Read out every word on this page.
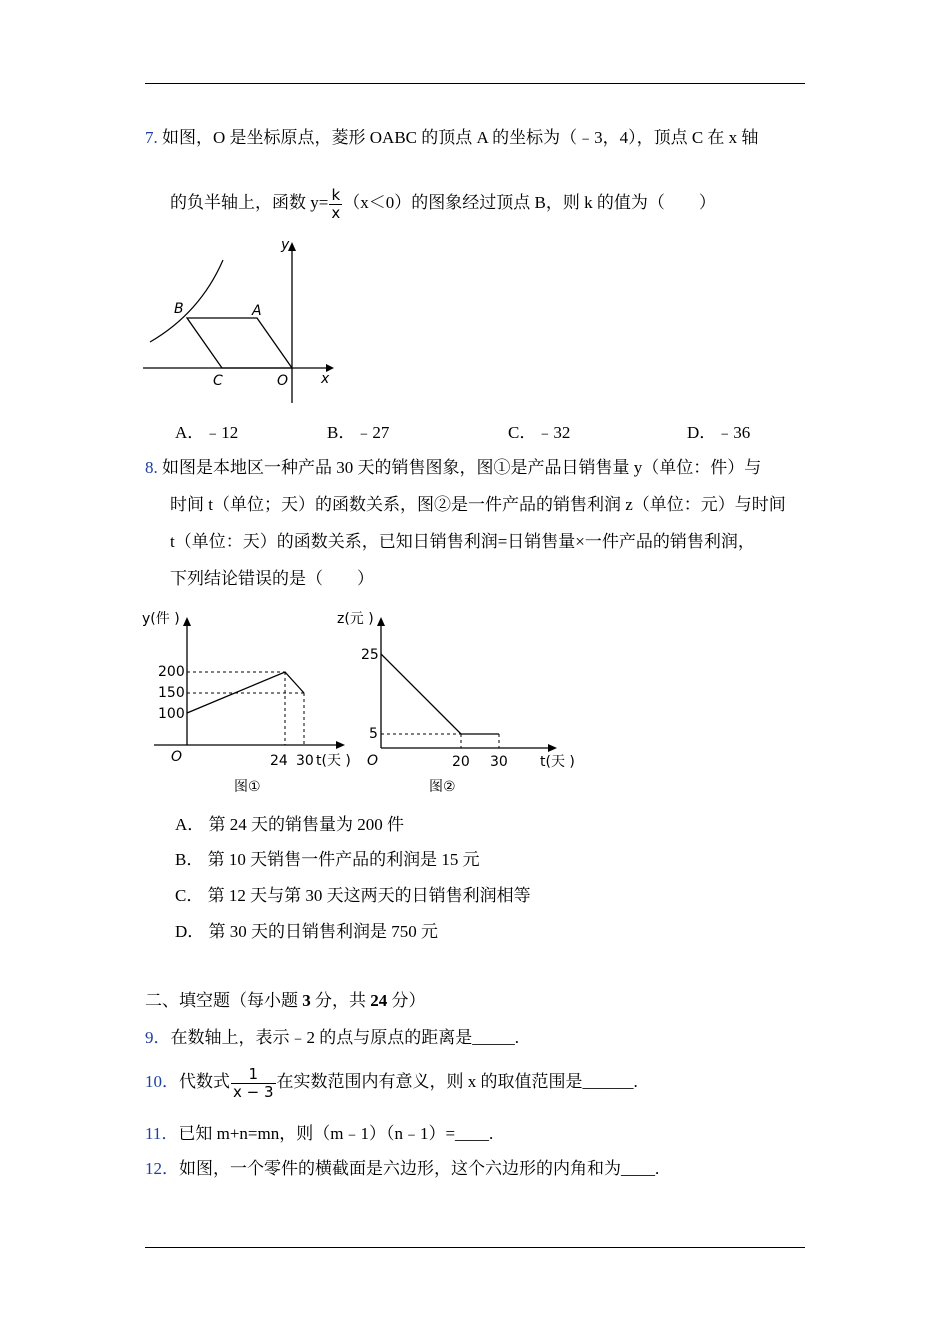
7. 如图，O 是坐标原点，菱形 OABC 的顶点 A 的坐标为（﹣3，4），顶点 C 在 x 轴
的负半轴上，函数 $y= \frac{k}{x} (x<0)$的图象经过顶点 B，则 k 的值为（　　）
y
x
B	A
C	O
A．﹣12	B．﹣27	C．﹣32	D．﹣36
8. 如图是本地区一种产品 30 天的销售图象，图①是产品日销售量 y（单位：件）与
时间 t（单位；天）的函数关系，图②是一件产品的销售利润 z（单位：元）与时间
t（单位：天）的函数关系，已知日销售利润=日销售量×一件产品的销售利润，
下列结论错误的是（　　）
y(件 )
200
150
100
O	24 30 t(天 )
图①
z(元 )
25
5
O	20 30 t(天 )
图②
A． 第 24 天的销售量为 200 件
B． 第 10 天销售一件产品的利润是 15 元
C． 第 12 天与第 30 天这两天的日销售利润相等
D． 第 30 天的日销售利润是 750 元
二、填空题（每小题 3 分，共 24 分）
9．在数轴上，表示﹣2 的点与原点的距离是_____.
10．代数式 $\frac{1}{x - 3}$ 在实数范围内有意义，则 x 的取值范围是______.
11．已知 m+n=mn，则（m﹣1）（n﹣1）=____.
12．如图，一个零件的横截面是六边形，这个六边形的内角和为____.
